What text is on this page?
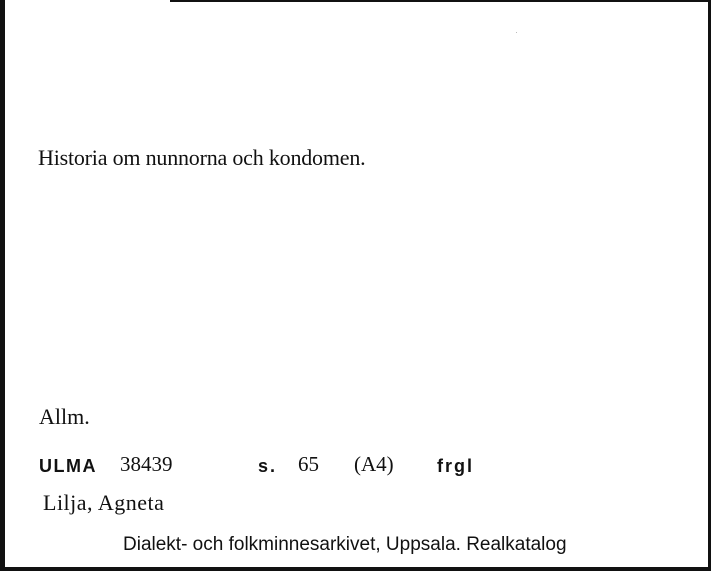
Historia om nunnorna och kondomen.
Allm.
ULMA 38439	s. 65 (A4) frgl
Lilja, Agneta
Dialekt- och folkminnesarkivet, Uppsala. Realkatalog
